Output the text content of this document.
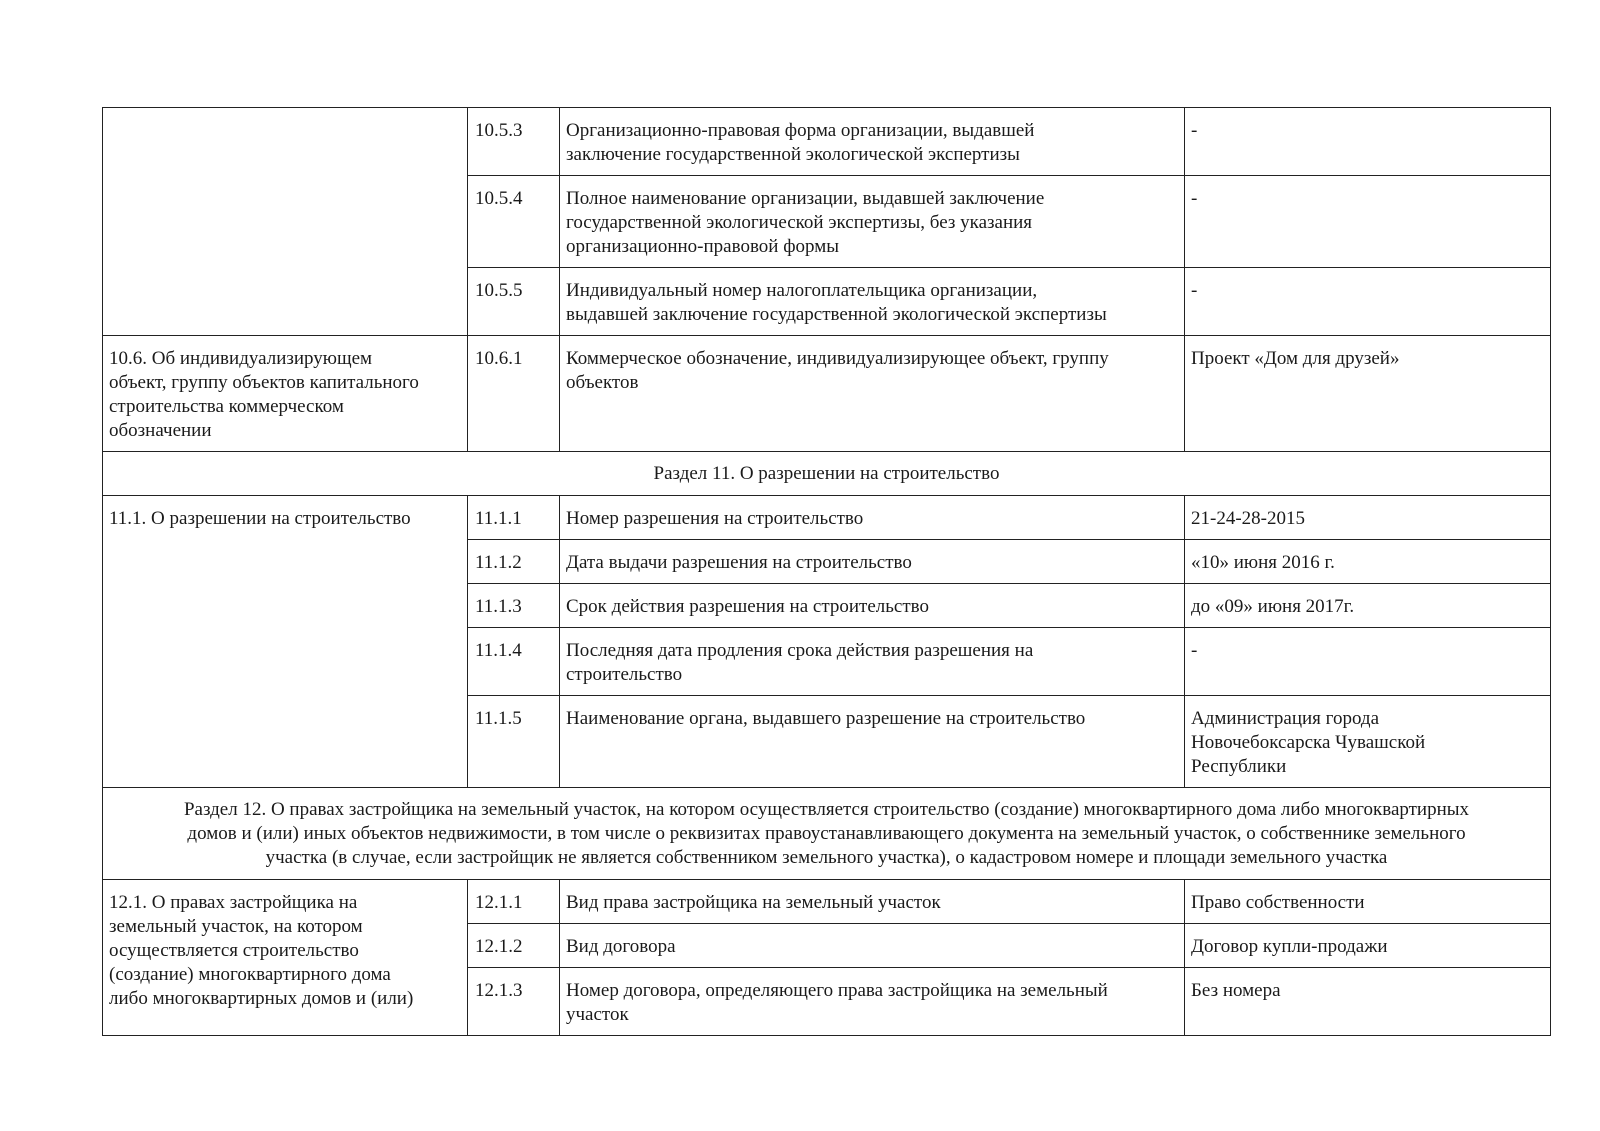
	10.5.3	Организационно-правовая форма организации, выдавшей
заключение государственной экологической экспертизы	-
	10.5.4	Полное наименование организации, выдавшей заключение
государственной экологической экспертизы, без указания
организационно-правовой формы	-
	10.5.5	Индивидуальный номер налогоплательщика организации,
выдавшей заключение государственной экологической экспертизы	-

10.6. Об индивидуализирующем
объект, группу объектов капитального
строительства коммерческом
обозначении	10.6.1	Коммерческое обозначение, индивидуализирующее объект, группу
объектов	Проект «Дом для друзей»
Раздел 11. О разрешении на строительство			
11.1. О разрешении на строительство	11.1.1	Номер разрешения на строительство	21-24-28-2015
	11.1.2	Дата выдачи разрешения на строительство	«10» июня 2016 г.
	11.1.3	Срок действия разрешения на строительство	до «09» июня 2017г.
	11.1.4	Последняя дата продления срока действия разрешения на
строительство	-
	11.1.5	Наименование органа, выдавшего разрешение на строительство	Администрация города
Новочебоксарска Чувашской
Республики

Раздел 12. О правах застройщика на земельный участок, на котором осуществляется строительство (создание) многоквартирного дома либо многоквартирных
домов и (или) иных объектов недвижимости, в том числе о реквизитах правоустанавливающего документа на земельный участок, о собственнике земельного
участка (в случае, если застройщик не является собственником земельного участка), о кадастровом номере и площади земельного участка			

12.1. О правах застройщика на
земельный участок, на котором
осуществляется строительство
(создание) многоквартирного дома
либо многоквартирных домов и (или)	12.1.1	Вид права застройщика на земельный участок	Право собственности
	12.1.2	Вид договора	Договор купли-продажи
	12.1.3	Номер договора, определяющего права застройщика на земельный
участок	Без номера
